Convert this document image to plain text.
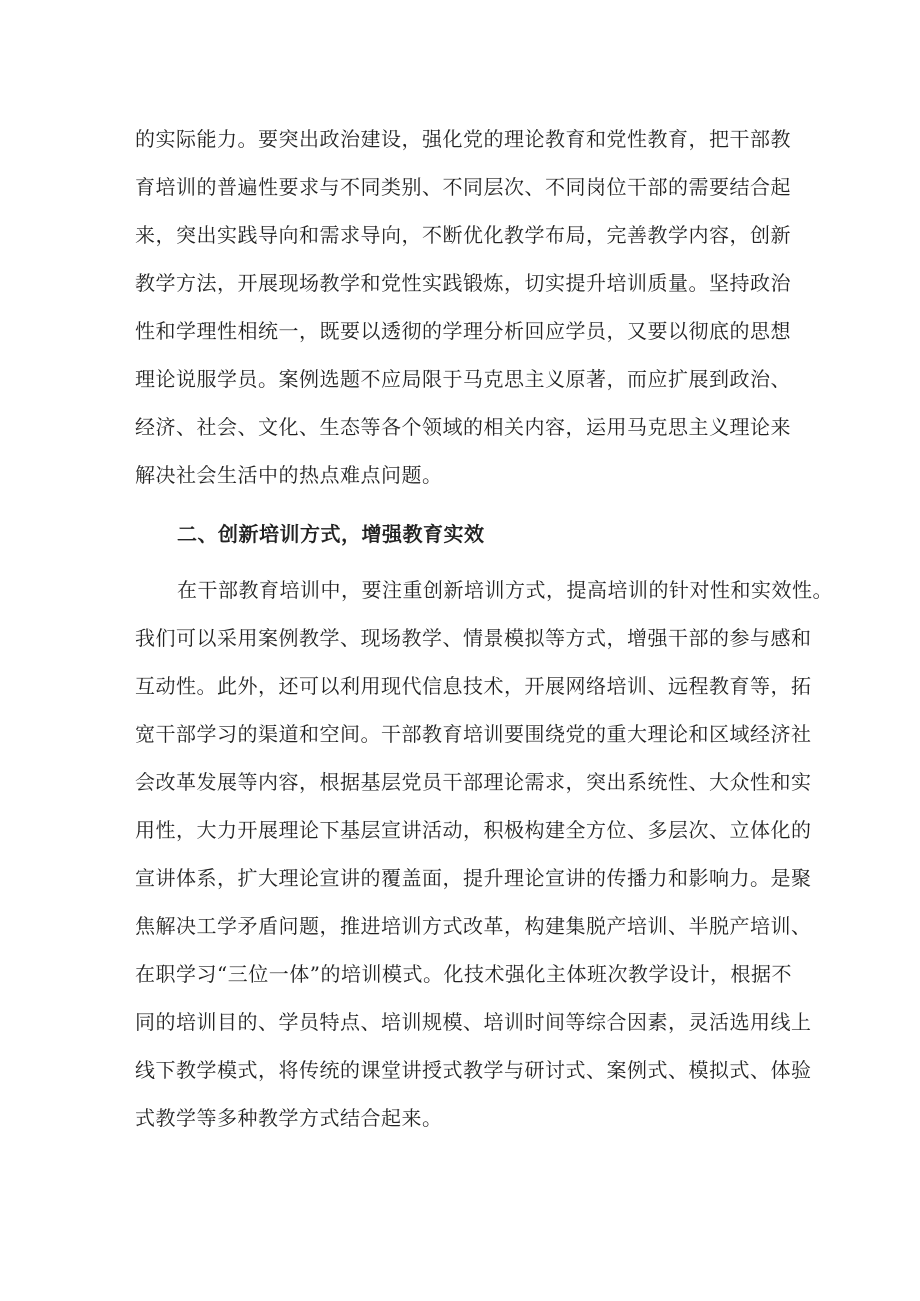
的实际能力。要突出政治建设，强化党的理论教育和党性教育，把干部教
育培训的普遍性要求与不同类别、不同层次、不同岗位干部的需要结合起
来，突出实践导向和需求导向，不断优化教学布局，完善教学内容，创新
教学方法，开展现场教学和党性实践锻炼，切实提升培训质量。坚持政治
性和学理性相统一，既要以透彻的学理分析回应学员，又要以彻底的思想
理论说服学员。案例选题不应局限于马克思主义原著，而应扩展到政治、
经济、社会、文化、生态等各个领域的相关内容，运用马克思主义理论来
解决社会生活中的热点难点问题。
二、创新培训方式，增强教育实效
在干部教育培训中，要注重创新培训方式，提高培训的针对性和实效性。
我们可以采用案例教学、现场教学、情景模拟等方式，增强干部的参与感和
互动性。此外，还可以利用现代信息技术，开展网络培训、远程教育等，拓
宽干部学习的渠道和空间。干部教育培训要围绕党的重大理论和区域经济社
会改革发展等内容，根据基层党员干部理论需求，突出系统性、大众性和实
用性，大力开展理论下基层宣讲活动，积极构建全方位、多层次、立体化的
宣讲体系，扩大理论宣讲的覆盖面，提升理论宣讲的传播力和影响力。是聚
焦解决工学矛盾问题，推进培训方式改革，构建集脱产培训、半脱产培训、
在职学习“三位一体”的培训模式。化技术强化主体班次教学设计，根据不
同的培训目的、学员特点、培训规模、培训时间等综合因素，灵活选用线上
线下教学模式，将传统的课堂讲授式教学与研讨式、案例式、模拟式、体验
式教学等多种教学方式结合起来。
